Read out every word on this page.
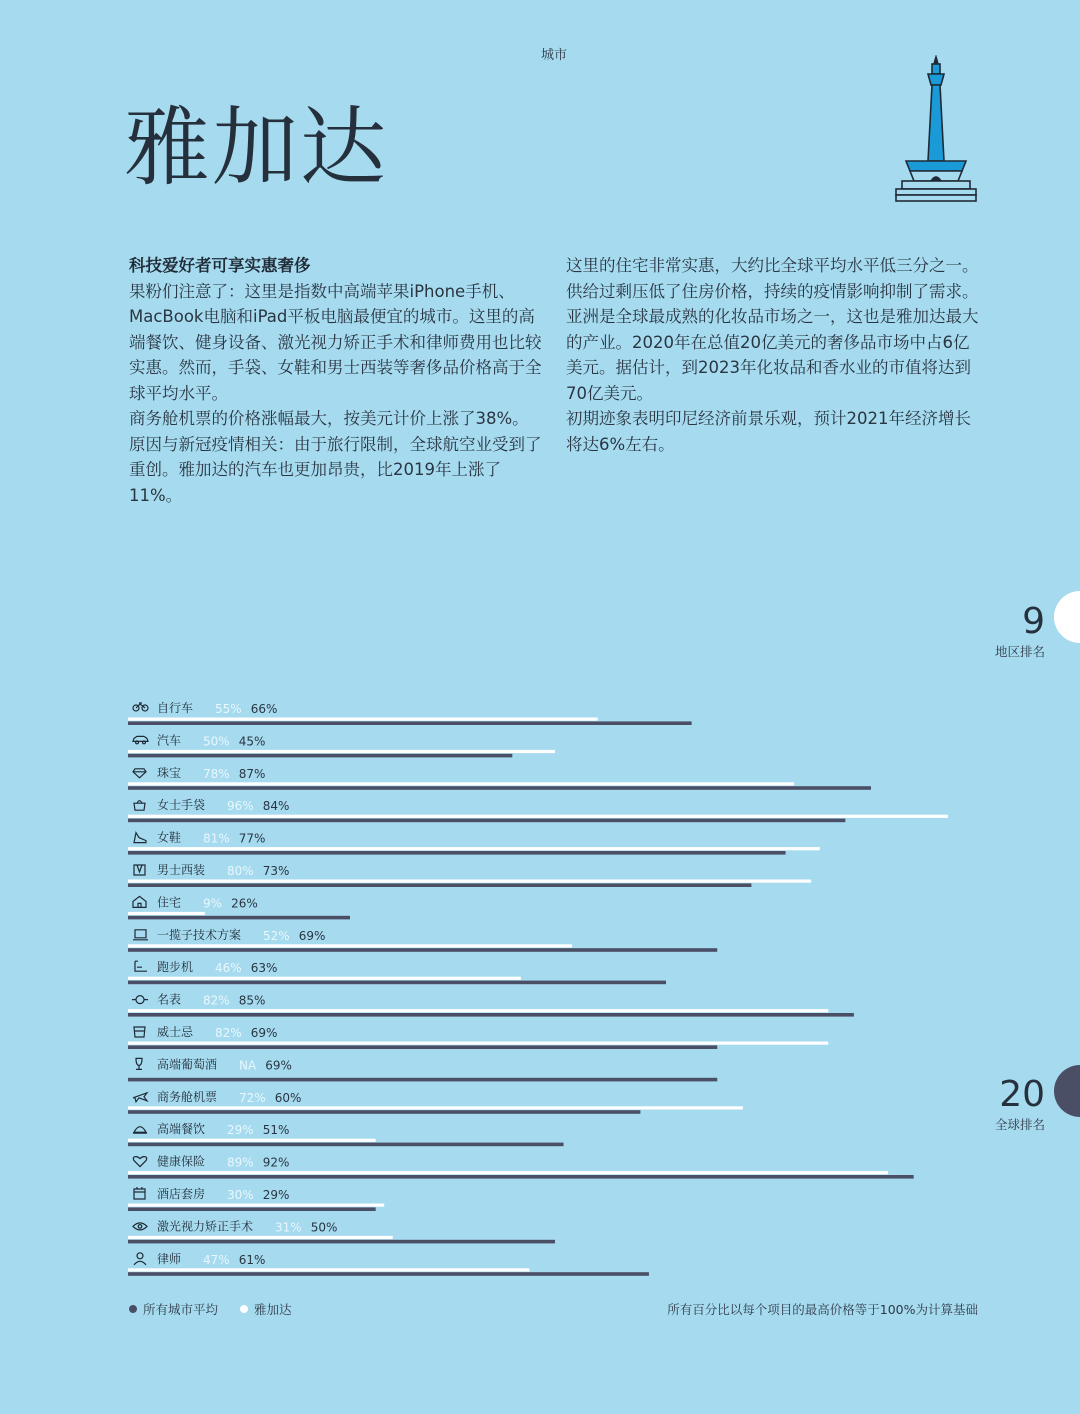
城市
雅加达

科技爱好者可享实惠奢侈

果粉们注意了：这里是指数中高端苹果iPhone手机、MacBook电脑和iPad平板电脑最便宜的城市。这里的高端餐饮、健身设备、激光视力矫正手术和律师费用也比较实惠。然而，手袋、女鞋和男士西装等奢侈品价格高于全球平均水平。

商务舱机票的价格涨幅最大，按美元计价上涨了38%。原因与新冠疫情相关：由于旅行限制，全球航空业受到了重创。雅加达的汽车也更加昂贵，比2019年上涨了11%。

这里的住宅非常实惠，大约比全球平均水平低三分之一。供给过剩压低了住房价格，持续的疫情影响抑制了需求。

亚洲是全球最成熟的化妆品市场之一，这也是雅加达最大的产业。2020年在总值20亿美元的奢侈品市场中占6亿美元。据估计，到2023年化妆品和香水业的市值将达到70亿美元。

初期迹象表明印尼经济前景乐观，预计2021年经济增长将达6%左右。

9
地区排名
20
全球排名
自行车 55% 66%
汽车 50% 45%
珠宝 78% 87%
女士手袋 96% 84%
女鞋 81% 77%
男士西装 80% 73%
住宅 9% 26%
一揽子技术方案 52% 69%
跑步机 46% 63%
名表 82% 85%
威士忌 82% 69%
高端葡萄酒 NA 69%
商务舱机票 72% 60%
高端餐饮 29% 51%
健康保险 89% 92%
酒店套房 30% 29%
激光视力矫正手术 31% 50%
律师 47% 61%
所有城市平均	雅加达	所有百分比以每个项目的最高价格等于100%为计算基础
